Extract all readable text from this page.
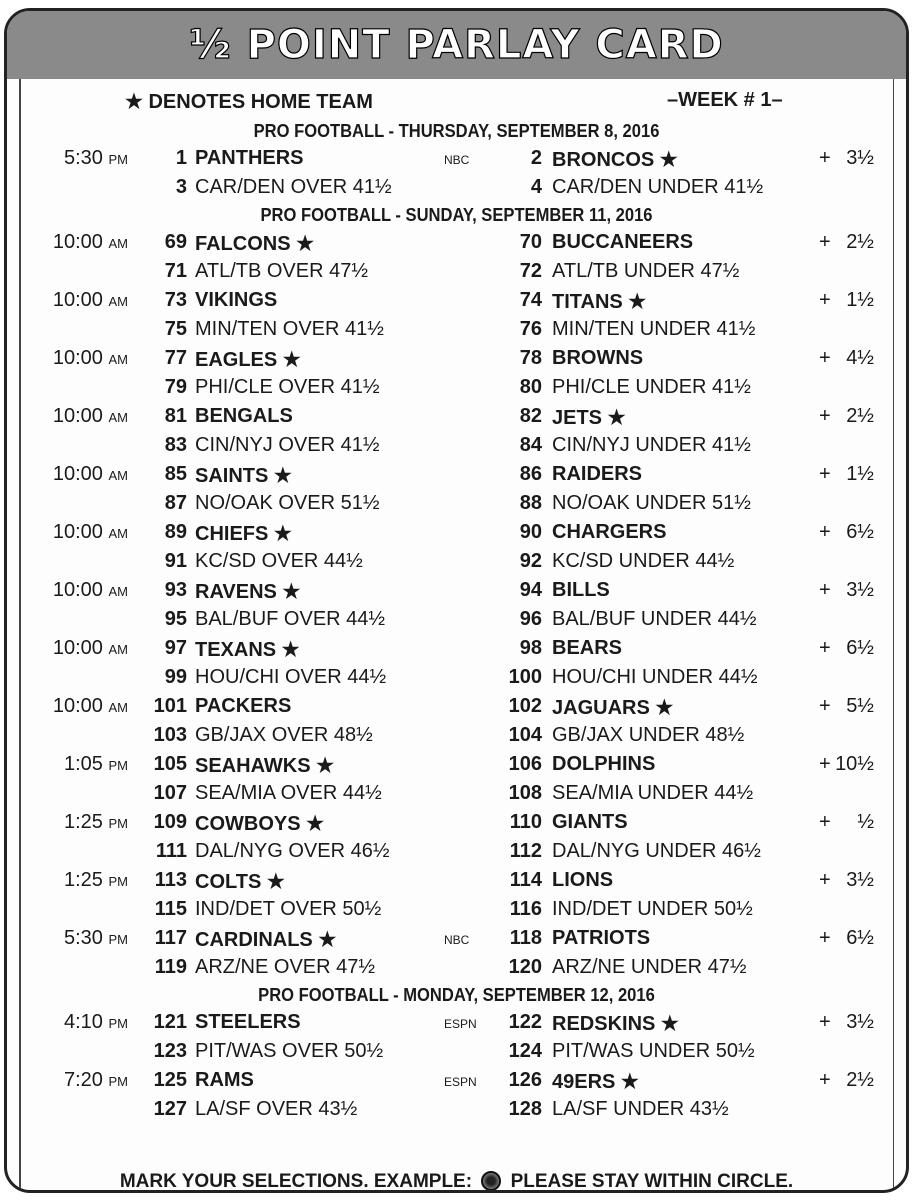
½ POINT PARLAY CARD
★ DENOTES HOME TEAM	–WEEK # 1–
PRO FOOTBALL - THURSDAY, SEPTEMBER 8, 2016
5:30 PM 1 PANTHERS	NBC	2 BRONCOS ★	+ 3½
3 CAR/DEN OVER 41½	4 CAR/DEN UNDER 41½
PRO FOOTBALL - SUNDAY, SEPTEMBER 11, 2016
10:00 AM 69 FALCONS ★	70 BUCCANEERS	+ 2½
71 ATL/TB OVER 47½	72 ATL/TB UNDER 47½
10:00 AM 73 VIKINGS	74 TITANS ★	+ 1½
75 MIN/TEN OVER 41½	76 MIN/TEN UNDER 41½
10:00 AM 77 EAGLES ★	78 BROWNS	+ 4½
79 PHI/CLE OVER 41½	80 PHI/CLE UNDER 41½
10:00 AM 81 BENGALS	82 JETS ★	+ 2½
83 CIN/NYJ OVER 41½	84 CIN/NYJ UNDER 41½
10:00 AM 85 SAINTS ★	86 RAIDERS	+ 1½
87 NO/OAK OVER 51½	88 NO/OAK UNDER 51½
10:00 AM 89 CHIEFS ★	90 CHARGERS	+ 6½
91 KC/SD OVER 44½	92 KC/SD UNDER 44½
10:00 AM 93 RAVENS ★	94 BILLS	+ 3½
95 BAL/BUF OVER 44½	96 BAL/BUF UNDER 44½
10:00 AM 97 TEXANS ★	98 BEARS	+ 6½
99 HOU/CHI OVER 44½	100 HOU/CHI UNDER 44½
10:00 AM 101 PACKERS	102 JAGUARS ★	+ 5½
103 GB/JAX OVER 48½	104 GB/JAX UNDER 48½
1:05 PM 105 SEAHAWKS ★	106 DOLPHINS	+ 10½
107 SEA/MIA OVER 44½	108 SEA/MIA UNDER 44½
1:25 PM 109 COWBOYS ★	110 GIANTS	+ ½
111 DAL/NYG OVER 46½	112 DAL/NYG UNDER 46½
1:25 PM 113 COLTS ★	114 LIONS	+ 3½
115 IND/DET OVER 50½	116 IND/DET UNDER 50½
5:30 PM 117 CARDINALS ★	NBC 118 PATRIOTS	+ 6½
119 ARZ/NE OVER 47½	120 ARZ/NE UNDER 47½
PRO FOOTBALL - MONDAY, SEPTEMBER 12, 2016
4:10 PM 121 STEELERS	ESPN 122 REDSKINS ★	+ 3½
123 PIT/WAS OVER 50½	124 PIT/WAS UNDER 50½
7:20 PM 125 RAMS	ESPN 126 49ERS ★	+ 2½
127 LA/SF OVER 43½	128 LA/SF UNDER 43½
MARK YOUR SELECTIONS. EXAMPLE: PLEASE STAY WITHIN CIRCLE.
